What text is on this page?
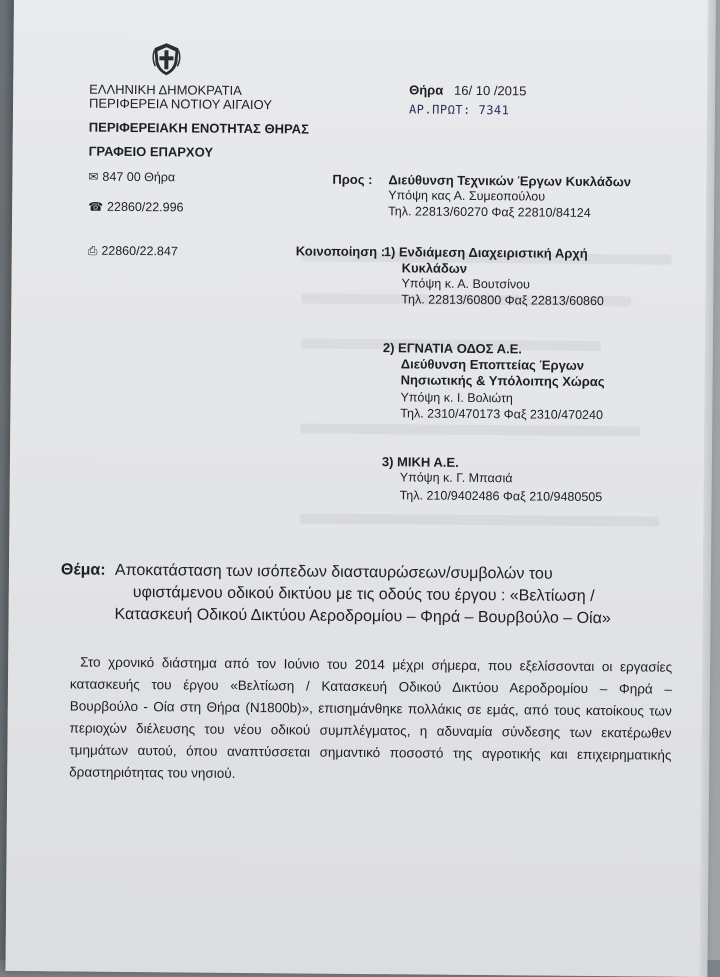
ΕΛΛΗΝΙΚΗ ΔΗΜΟΚΡΑΤΙΑ
ΠΕΡΙΦΕΡΕΙΑ ΝΟΤΙΟΥ ΑΙΓΑΙΟΥ
ΠΕΡΙΦΕΡΕΙΑΚΗ ΕΝΟΤΗΤΑΣ ΘΗΡΑΣ
ΓΡΑΦΕΙΟ ΕΠΑΡΧΟΥ
✉ 847 00 Θήρα
☎ 22860/22.996
⎙ 22860/22.847
Θήρα 16/ 10 /2015
ΑΡ.ΠΡΩΤ: 7341
Προς : Διεύθυνση Τεχνικών Έργων Κυκλάδων
Υπόψη κας Α. Συμεοπούλου
Τηλ. 22813/60270 Φαξ 22810/84124
Κοινοποίηση :
1) Ενδιάμεση Διαχειριστική Αρχή
Κυκλάδων
Υπόψη κ. Α. Βουτσίνου
Τηλ. 22813/60800 Φαξ 22813/60860
2) ΕΓΝΑΤΙΑ ΟΔΟΣ Α.Ε.
Διεύθυνση Εποπτείας Έργων
Νησιωτικής & Υπόλοιπης Χώρας
Υπόψη κ. Ι. Βολιώτη
Τηλ. 2310/470173 Φαξ 2310/470240
3) ΜΙΚΗ Α.Ε.
Υπόψη κ. Γ. Μπασιά
Τηλ. 210/9402486 Φαξ 210/9480505
Θέμα: Αποκατάσταση των ισόπεδων διασταυρώσεων/συμβολών του
υφιστάμενου οδικού δικτύου με τις οδούς του έργου : «Βελτίωση /
Κατασκευή Οδικού Δικτύου Αεροδρομίου – Φηρά – Βουρβούλο – Οία»
Στο χρονικό διάστημα από τον Ιούνιο του 2014 μέχρι σήμερα, που εξελίσσονται οι εργασίες
κατασκευής του έργου «Βελτίωση / Κατασκευή Οδικού Δικτύου Αεροδρομίου – Φηρά –
Βουρβούλο - Οία στη Θήρα (Ν1800b)», επισημάνθηκε πολλάκις σε εμάς, από τους κατοίκους των
περιοχών διέλευσης του νέου οδικού συμπλέγματος, η αδυναμία σύνδεσης των εκατέρωθεν
τμημάτων αυτού, όπου αναπτύσσεται σημαντικό ποσοστό της αγροτικής και επιχειρηματικής
δραστηριότητας του νησιού.
